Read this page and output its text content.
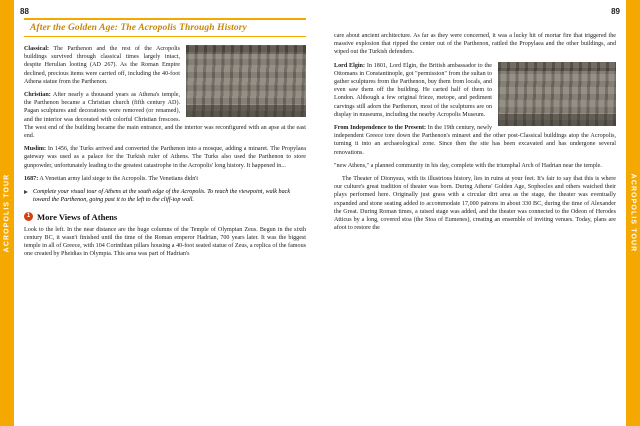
ACROPOLIS TOUR	ACROPOLIS TOUR
88	89
After the Golden Age: The Acropolis Through History

Classical: The Parthenon and the rest of the Acropolis buildings survived through classical times largely intact, despite Herulian looting (AD 267). As the Roman Empire declined, precious items were carried off, including the 40-foot Athena statue from the Parthenon.

Christian: After nearly a thousand years as Athena's temple, the Parthenon became a Christian church (fifth century AD). Pagan sculptures and decorations were removed (or renamed), and the interior was decorated with colorful Christian frescoes. The west end of the building became the main entrance, and the interior was reconfigured with an apse at the east end.

Muslim: In 1456, the Turks arrived and converted the Parthenon into a mosque, adding a minaret. The Propylaea gateway was used as a palace for the Turkish ruler of Athens. The Turks also used the Parthenon to store gunpowder, unfortunately leading to the greatest catastrophe in the Acropolis' long history. It happened in...

1687: A Venetian army laid siege to the Acropolis. The Venetians didn't

Complete your visual tour of Athens at the south edge of the Acropolis. To reach the viewpoint, walk back toward the Parthenon, going past it to the left to the cliff-top wall.
1 More Views of Athens

Look to the left. In the near distance are the huge columns of the Temple of Olympian Zeus. Begun in the sixth century BC, it wasn't finished until the time of the Roman emperor Hadrian, 700 years later. It was the biggest temple in all of Greece, with 104 Corinthian pillars housing a 40-foot seated statue of Zeus, a replica of the famous one created by Pheidias in Olympia. This area was part of Hadrian's

care about ancient architecture. As far as they were concerned, it was a lucky hit of mortar fire that triggered the massive explosion that ripped the center out of the Parthenon, rattled the Propylaea and the other buildings, and wiped out the Turkish defenders.

Lord Elgin: In 1801, Lord Elgin, the British ambassador to the Ottomans in Constantinople, got "permission" from the sultan to gather sculptures from the Parthenon, buy them from locals, and even saw them off the building. He carted half of them to London. Although a few original frieze, metope, and pediment carvings still adorn the Parthenon, most of the sculptures are on display in museums, including the nearby Acropolis Museum.

From Independence to the Present: In the 19th century, newly independent Greece tore down the Parthenon's minaret and the other post-Classical buildings atop the Acropolis, turning it into an archaeological zone. Since then the site has been excavated and has undergone several renovations.

"new Athens," a planned community in his day, complete with the triumphal Arch of Hadrian near the temple.

The Theater of Dionysus, with its illustrious history, lies in ruins at your feet. It's fair to say that this is where our culture's great tradition of theater was born. During Athens' Golden Age, Sophocles and others watched their plays performed here. Originally just grass with a circular dirt area as the stage, the theater was eventually expanded and stone seating added to accommodate 17,000 patrons in about 330 BC, during the time of Alexander the Great. During Roman times, a raised stage was added, and the theater was connected to the Odeon of Herodes Atticus by a long, covered stoa (the Stoa of Eumenes), creating an ensemble of inviting venues. Today, plans are afoot to restore the
